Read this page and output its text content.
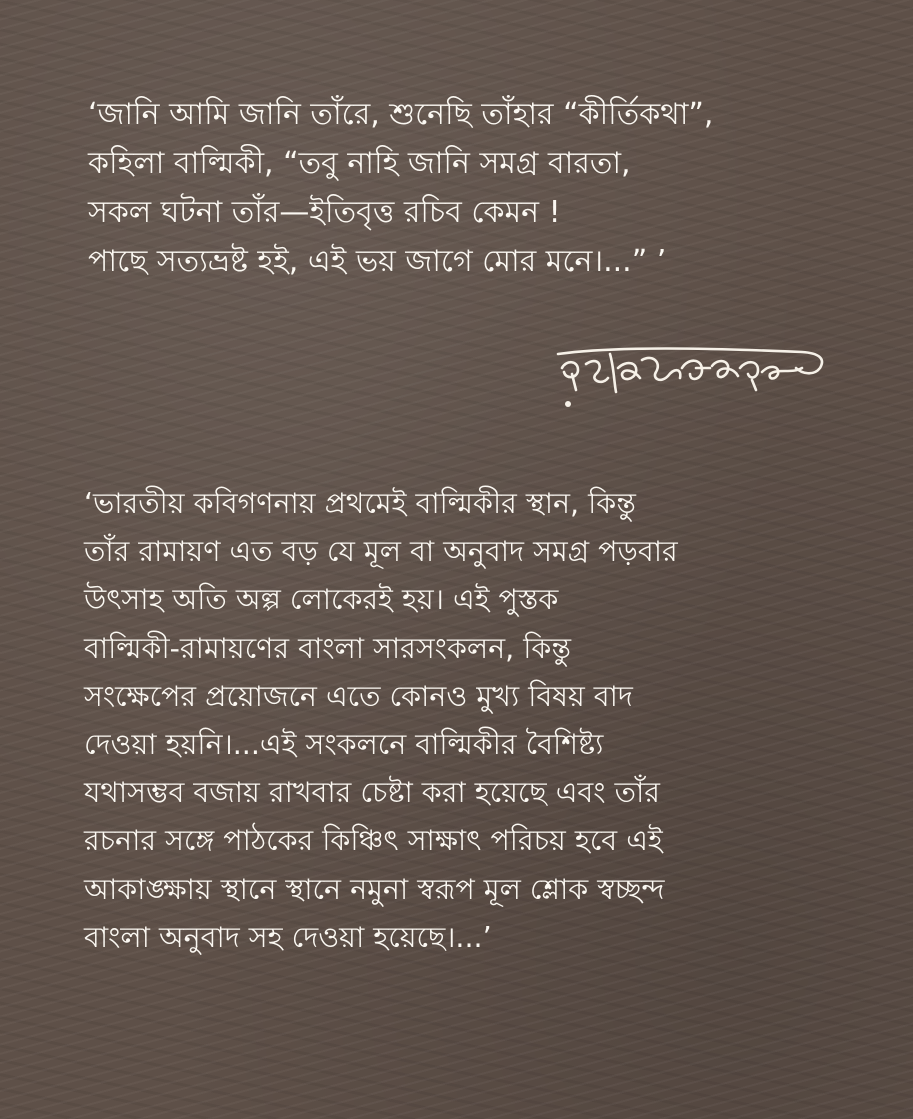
‘জানি আমি জানি তাঁরে, শুনেছি তাঁহার “কীর্তিকথা”,
কহিলা বাল্মিকী, “তবু নাহি জানি সমগ্র বারতা,
সকল ঘটনা তাঁর—ইতিবৃত্ত রচিব কেমন !
পাছে সত্যভ্রষ্ট হই, এই ভয় জাগে মোর মনে।...” ’
‘ভারতীয় কবিগণনায় প্রথমেই বাল্মিকীর স্থান, কিন্তু
তাঁর রামায়ণ এত বড় যে মূল বা অনুবাদ সমগ্র পড়বার
উৎসাহ অতি অল্প লোকেরই হয়। এই পুস্তক
বাল্মিকী-রামায়ণের বাংলা সারসংকলন, কিন্তু
সংক্ষেপের প্রয়োজনে এতে কোনও মুখ্য বিষয় বাদ
দেওয়া হয়নি।...এই সংকলনে বাল্মিকীর বৈশিষ্ট্য
যথাসম্ভব বজায় রাখবার চেষ্টা করা হয়েছে এবং তাঁর
রচনার সঙ্গে পাঠকের কিঞ্চিৎ সাক্ষাৎ পরিচয় হবে এই
আকাঙ্ক্ষায় স্থানে স্থানে নমুনা স্বরূপ মূল শ্লোক স্বচ্ছন্দ
বাংলা অনুবাদ সহ দেওয়া হয়েছে।...’
